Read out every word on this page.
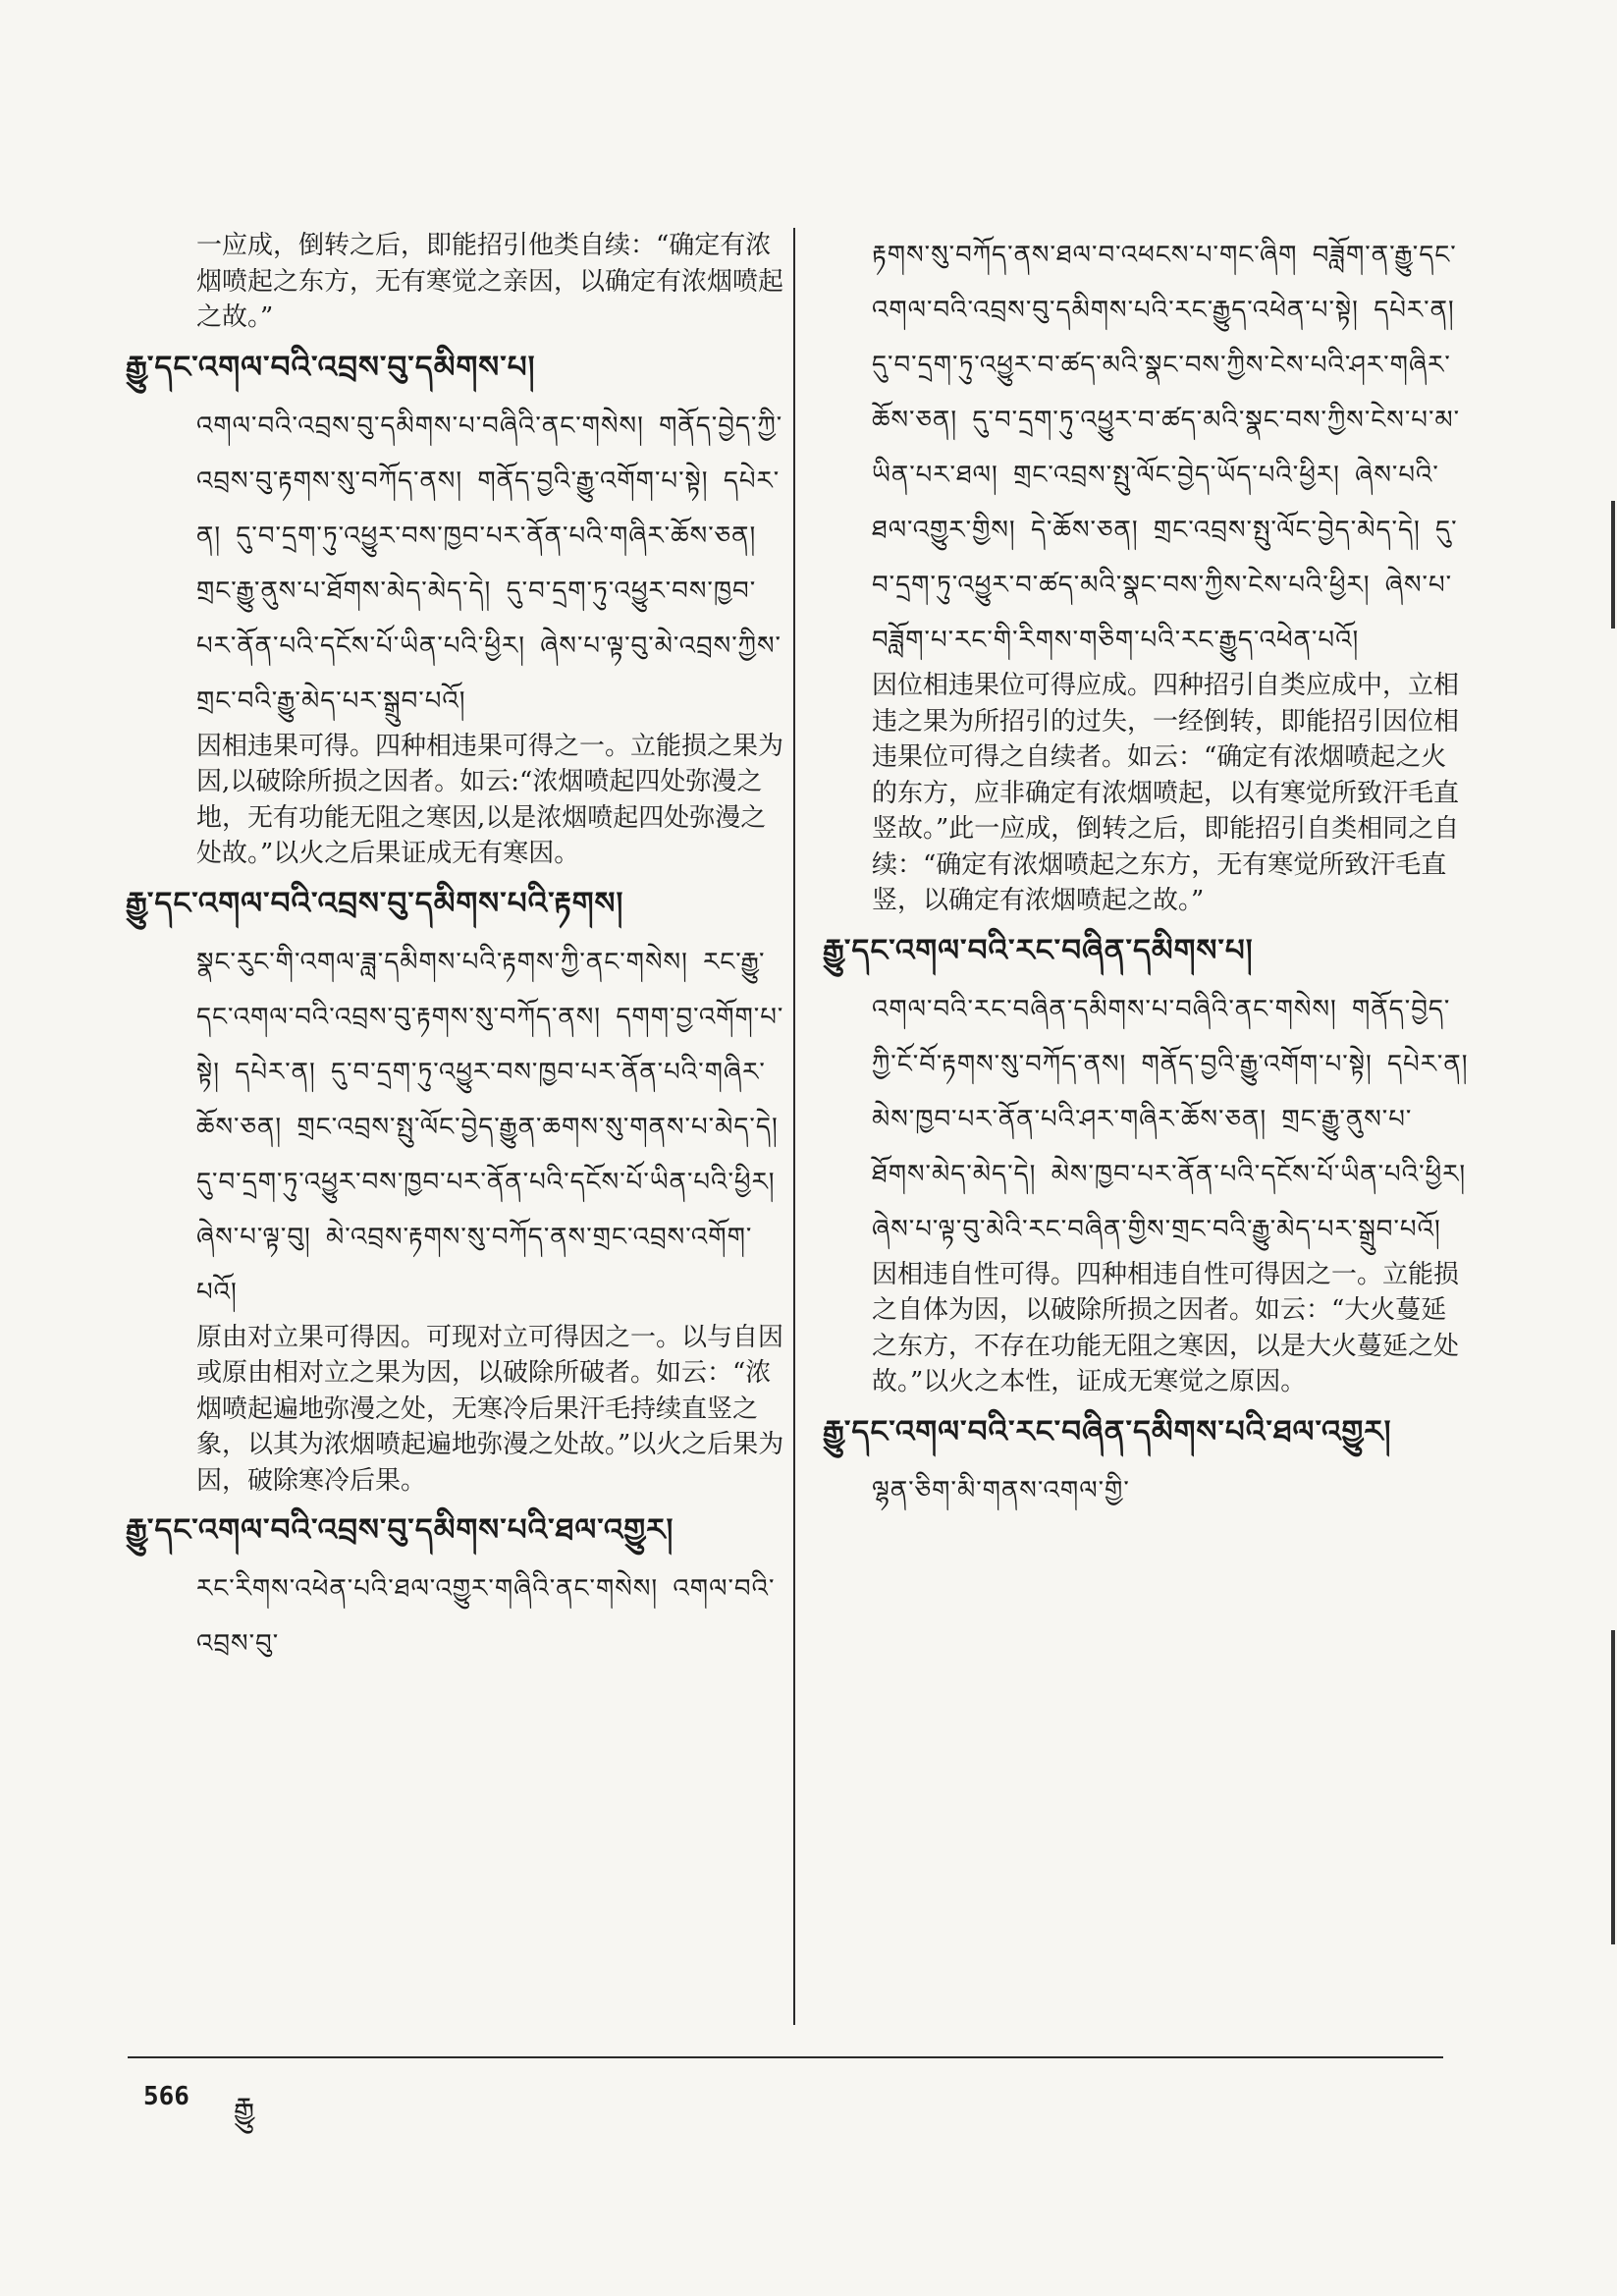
一应成，倒转之后，即能招引他类自续：“确定有浓烟喷起之东方，无有寒觉之亲因，以确定有浓烟喷起之故。”

རྒྱུ་དང་འགལ་བའི་འབྲས་བུ་དམིགས་པ།

འགལ་བའི་འབྲས་བུ་དམིགས་པ་བཞིའི་ནང་གསེས། གནོད་བྱེད་ཀྱི་འབྲས་བུ་རྟགས་སུ་བཀོད་ནས། གནོད་བྱའི་རྒྱུ་འགོག་པ་སྟེ། དཔེར་ན། དུ་བ་དྲག་ཏུ་འཕྱུར་བས་ཁྱབ་པར་ནོན་པའི་གཞིར་ཆོས་ཅན། གྲང་རྒྱུ་ནུས་པ་ཐོགས་མེད་མེད་དེ། དུ་བ་དྲག་ཏུ་འཕྱུར་བས་ཁྱབ་པར་ནོན་པའི་དངོས་པོ་ཡིན་པའི་ཕྱིར། ཞེས་པ་ལྟ་བུ་མེ་འབྲས་ཀྱིས་གྲང་བའི་རྒྱུ་མེད་པར་སྒྲུབ་པའོ།

因相违果可得。四种相违果可得之一。立能损之果为因,以破除所损之因者。如云:“浓烟喷起四处弥漫之地，无有功能无阻之寒因,以是浓烟喷起四处弥漫之处故。”以火之后果证成无有寒因。

རྒྱུ་དང་འགལ་བའི་འབྲས་བུ་དམིགས་པའི་རྟགས།

སྣང་རུང་གི་འགལ་ཟླ་དམིགས་པའི་རྟགས་ཀྱི་ནང་གསེས། རང་རྒྱུ་དང་འགལ་བའི་འབྲས་བུ་རྟགས་སུ་བཀོད་ནས། དགག་བྱ་འགོག་པ་སྟེ། དཔེར་ན། དུ་བ་དྲག་ཏུ་འཕྱུར་བས་ཁྱབ་པར་ནོན་པའི་གཞིར་ཆོས་ཅན། གྲང་འབྲས་སྤུ་ལོང་བྱེད་རྒྱུན་ཆགས་སུ་གནས་པ་མེད་དེ། དུ་བ་དྲག་ཏུ་འཕྱུར་བས་ཁྱབ་པར་ནོན་པའི་དངོས་པོ་ཡིན་པའི་ཕྱིར། ཞེས་པ་ལྟ་བུ། མེ་འབྲས་རྟགས་སུ་བཀོད་ནས་གྲང་འབྲས་འགོག་པའོ།

原由对立果可得因。可现对立可得因之一。以与自因或原由相对立之果为因，以破除所破者。如云：“浓烟喷起遍地弥漫之处，无寒冷后果汗毛持续直竖之象，以其为浓烟喷起遍地弥漫之处故。”以火之后果为因，破除寒冷后果。

རྒྱུ་དང་འགལ་བའི་འབྲས་བུ་དམིགས་པའི་ཐལ་འགྱུར།

རང་རིགས་འཕེན་པའི་ཐལ་འགྱུར་གཞིའི་ནང་གསེས། འགལ་བའི་འབྲས་བུ་

རྟགས་སུ་བཀོད་ནས་ཐལ་བ་འཕངས་པ་གང་ཞིག བཟློག་ན་རྒྱུ་དང་འགལ་བའི་འབྲས་བུ་དམིགས་པའི་རང་རྒྱུད་འཕེན་པ་སྟེ། དཔེར་ན། དུ་བ་དྲག་ཏུ་འཕྱུར་བ་ཚད་མའི་སྣང་བས་ཀྱིས་ངེས་པའི་ཤར་གཞིར་ཆོས་ཅན། དུ་བ་དྲག་ཏུ་འཕྱུར་བ་ཚད་མའི་སྣང་བས་ཀྱིས་ངེས་པ་མ་ཡིན་པར་ཐལ། གྲང་འབྲས་སྤུ་ལོང་བྱེད་ཡོད་པའི་ཕྱིར། ཞེས་པའི་ཐལ་འགྱུར་གྱིས། དེ་ཆོས་ཅན། གྲང་འབྲས་སྤུ་ལོང་བྱེད་མེད་དེ། དུ་བ་དྲག་ཏུ་འཕྱུར་བ་ཚད་མའི་སྣང་བས་ཀྱིས་ངེས་པའི་ཕྱིར། ཞེས་པ་བཟློག་པ་རང་གི་རིགས་གཅིག་པའི་རང་རྒྱུད་འཕེན་པའོ།

因位相违果位可得应成。四种招引自类应成中，立相违之果为所招引的过失，一经倒转，即能招引因位相违果位可得之自续者。如云：“确定有浓烟喷起之火的东方，应非确定有浓烟喷起，以有寒觉所致汗毛直竖故。”此一应成，倒转之后，即能招引自类相同之自续：“确定有浓烟喷起之东方，无有寒觉所致汗毛直竖，以确定有浓烟喷起之故。”

རྒྱུ་དང་འགལ་བའི་རང་བཞིན་དམིགས་པ།

འགལ་བའི་རང་བཞིན་དམིགས་པ་བཞིའི་ནང་གསེས། གནོད་བྱེད་ཀྱི་ངོ་བོ་རྟགས་སུ་བཀོད་ནས། གནོད་བྱའི་རྒྱུ་འགོག་པ་སྟེ། དཔེར་ན། མེས་ཁྱབ་པར་ནོན་པའི་ཤར་གཞིར་ཆོས་ཅན། གྲང་རྒྱུ་ནུས་པ་ཐོགས་མེད་མེད་དེ། མེས་ཁྱབ་པར་ནོན་པའི་དངོས་པོ་ཡིན་པའི་ཕྱིར། ཞེས་པ་ལྟ་བུ་མེའི་རང་བཞིན་གྱིས་གྲང་བའི་རྒྱུ་མེད་པར་སྒྲུབ་པའོ།

因相违自性可得。四种相违自性可得因之一。立能损之自体为因，以破除所损之因者。如云：“大火蔓延之东方，不存在功能无阻之寒因，以是大火蔓延之处故。”以火之本性，证成无寒觉之原因。

རྒྱུ་དང་འགལ་བའི་རང་བཞིན་དམིགས་པའི་ཐལ་འགྱུར།

ལྷན་ཅིག་མི་གནས་འགལ་གྱི་

566 རྒྱུ
